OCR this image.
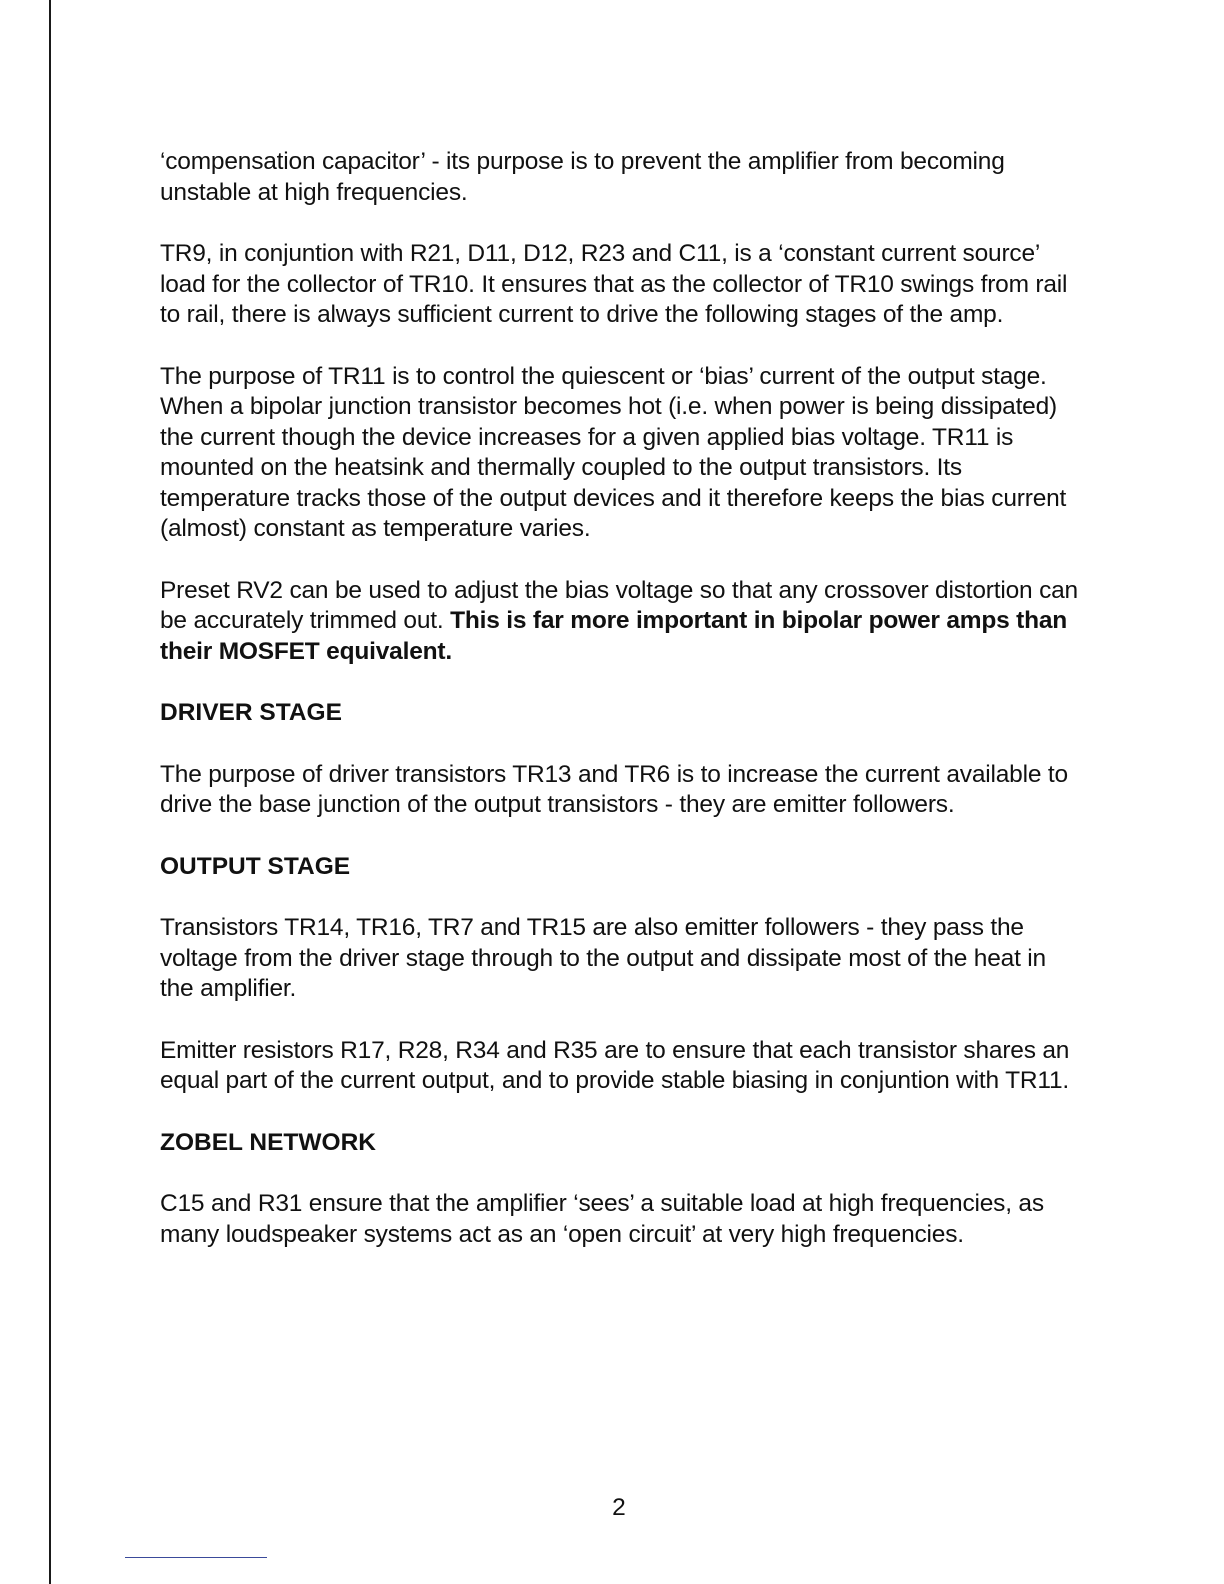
‘compensation capacitor’ - its purpose is to prevent the amplifier from becoming unstable at high frequencies.

TR9, in conjuntion with R21, D11, D12, R23 and C11, is a ‘constant current source’ load for the collector of TR10. It ensures that as the collector of TR10 swings from rail to rail, there is always sufficient current to drive the following stages of the amp.

The purpose of TR11 is to control the quiescent or ‘bias’ current of the output stage. When a bipolar junction transistor becomes hot (i.e. when power is being dissipated) the current though the device increases for a given applied bias voltage. TR11 is mounted on the heatsink and thermally coupled to the output transistors. Its temperature tracks those of the output devices and it therefore keeps the bias current (almost) constant as temperature varies.

Preset RV2 can be used to adjust the bias voltage so that any crossover distortion can be accurately trimmed out. This is far more important in bipolar power amps than their MOSFET equivalent.

DRIVER STAGE

The purpose of driver transistors TR13 and TR6 is to increase the current available to drive the base junction of the output transistors - they are emitter followers.

OUTPUT STAGE

Transistors TR14, TR16, TR7 and TR15 are also emitter followers - they pass the voltage from the driver stage through to the output and dissipate most of the heat in the amplifier.

Emitter resistors R17, R28, R34 and R35 are to ensure that each transistor shares an equal part of the current output, and to provide stable biasing in conjuntion with TR11.

ZOBEL NETWORK

C15 and R31 ensure that the amplifier ‘sees’ a suitable load at high frequencies, as many loudspeaker systems act as an ‘open circuit’ at very high frequencies.

2
